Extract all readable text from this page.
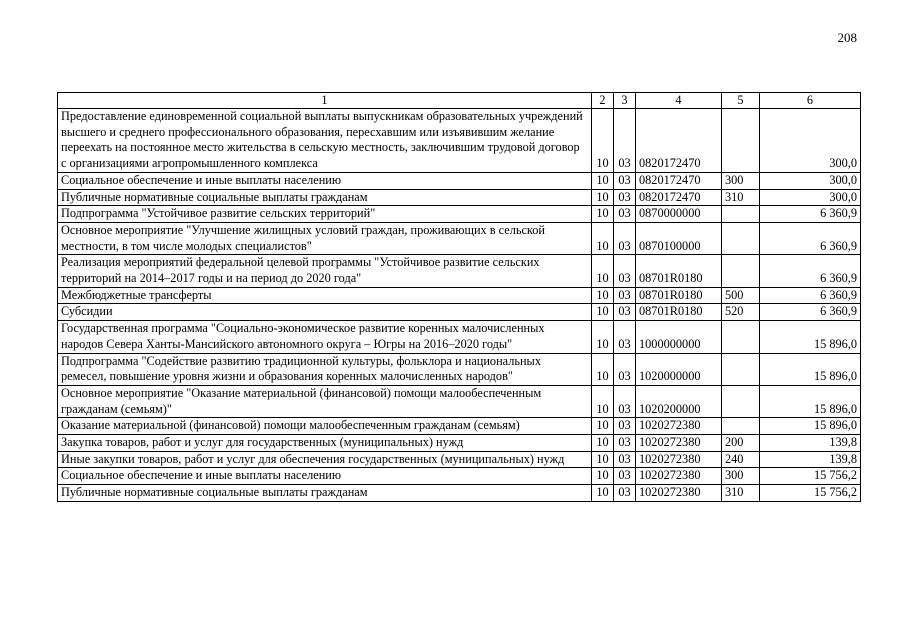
208
1	2	3	4	5	6
Предоставление единовременной социальной выплаты выпускникам образовательных учреждений высшего и среднего профессионального образования, пересхавшим или изъявившим желание переехать на постоянное место жительства в сельскую местность, заключившим трудовой договор с организациями агропромышленного комплекса	10	03	0820172470		300,0
Социальное обеспечение и иные выплаты населению	10	03	0820172470	300	300,0
Публичные нормативные социальные выплаты гражданам	10	03	0820172470	310	300,0
Подпрограмма "Устойчивое развитие сельских территорий"	10	03	0870000000		6 360,9
Основное мероприятие "Улучшение жилищных условий граждан, проживающих в сельской местности, в том числе молодых специалистов"	10	03	0870100000		6 360,9
Реализация мероприятий федеральной целевой программы "Устойчивое развитие сельских территорий на 2014–2017 годы и на период до 2020 года"	10	03	08701R0180		6 360,9
Межбюджетные трансферты	10	03	08701R0180	500	6 360,9
Субсидии	10	03	08701R0180	520	6 360,9
Государственная программа "Социально-экономическое развитие коренных малочисленных народов Севера Ханты-Мансийского автономного округа – Югры на 2016–2020 годы"	10	03	1000000000		15 896,0
Подпрограмма "Содействие развитию традиционной культуры, фольклора и национальных ремесел, повышение уровня жизни и образования коренных малочисленных народов"	10	03	1020000000		15 896,0
Основное мероприятие "Оказание материальной (финансовой) помощи малообеспеченным гражданам (семьям)"	10	03	1020200000		15 896,0
Оказание материальной (финансовой) помощи малообеспеченным гражданам (семьям)	10	03	1020272380		15 896,0
Закупка товаров, работ и услуг для государственных (муниципальных) нужд	10	03	1020272380	200	139,8
Иные закупки товаров, работ и услуг для обеспечения государственных (муниципальных) нужд	10	03	1020272380	240	139,8
Социальное обеспечение и иные выплаты населению	10	03	1020272380	300	15 756,2
Публичные нормативные социальные выплаты гражданам	10	03	1020272380	310	15 756,2
